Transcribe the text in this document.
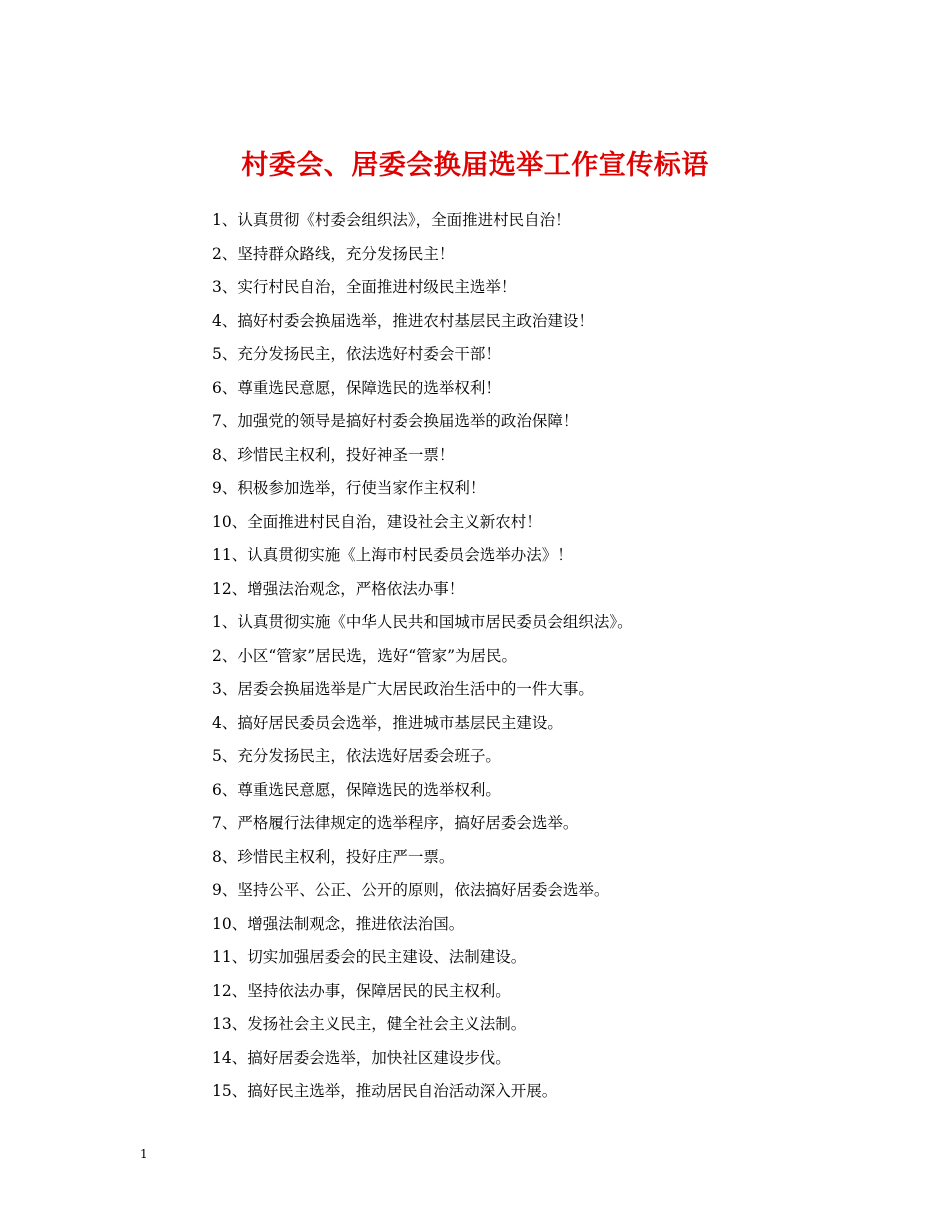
村委会、居委会换届选举工作宣传标语
1、认真贯彻《村委会组织法》，全面推进村民自治！
2、坚持群众路线，充分发扬民主！
3、实行村民自治，全面推进村级民主选举！
4、搞好村委会换届选举，推进农村基层民主政治建设！
5、充分发扬民主，依法选好村委会干部！
6、尊重选民意愿，保障选民的选举权利！
7、加强党的领导是搞好村委会换届选举的政治保障！
8、珍惜民主权利，投好神圣一票！
9、积极参加选举，行使当家作主权利！
10、全面推进村民自治，建设社会主义新农村！
11、认真贯彻实施《上海市村民委员会选举办法》！
12、增强法治观念，严格依法办事！
1、认真贯彻实施《中华人民共和国城市居民委员会组织法》。
2、小区“管家”居民选，选好“管家”为居民。
3、居委会换届选举是广大居民政治生活中的一件大事。
4、搞好居民委员会选举，推进城市基层民主建设。
5、充分发扬民主，依法选好居委会班子。
6、尊重选民意愿，保障选民的选举权利。
7、严格履行法律规定的选举程序，搞好居委会选举。
8、珍惜民主权利，投好庄严一票。
9、坚持公平、公正、公开的原则，依法搞好居委会选举。
10、增强法制观念，推进依法治国。
11、切实加强居委会的民主建设、法制建设。
12、坚持依法办事，保障居民的民主权利。
13、发扬社会主义民主，健全社会主义法制。
14、搞好居委会选举，加快社区建设步伐。
15、搞好民主选举，推动居民自治活动深入开展。
1
